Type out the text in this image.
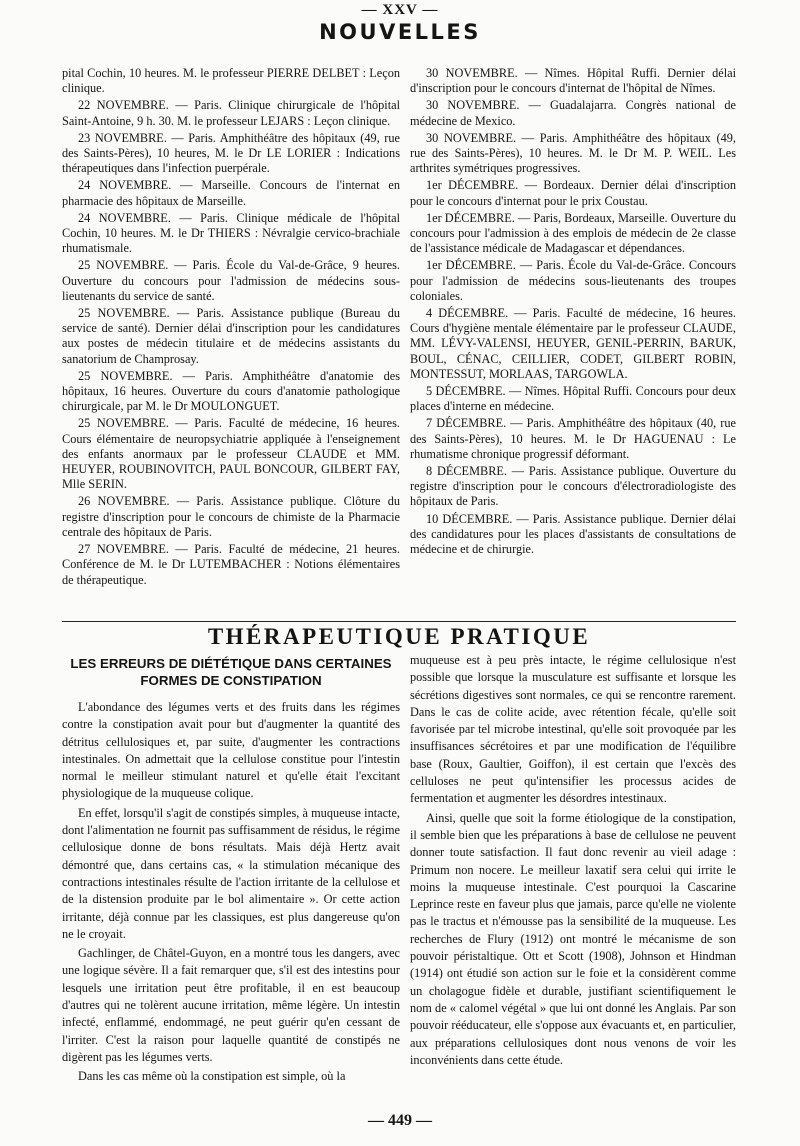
— XXV —
NOUVELLES

pital Cochin, 10 heures. M. le professeur PIERRE DELBET : Leçon clinique.

22 NOVEMBRE. — Paris. Clinique chirurgicale de l'hôpital Saint-Antoine, 9 h. 30. M. le professeur LEJARS : Leçon clinique.

23 NOVEMBRE. — Paris. Amphithéâtre des hôpitaux (49, rue des Saints-Pères), 10 heures, M. le Dr LE LORIER : Indications thérapeutiques dans l'infection puerpérale.

24 NOVEMBRE. — Marseille. Concours de l'internat en pharmacie des hôpitaux de Marseille.

24 NOVEMBRE. — Paris. Clinique médicale de l'hôpital Cochin, 10 heures. M. le Dr THIERS : Névralgie cervico-brachiale rhumatismale.

25 NOVEMBRE. — Paris. École du Val-de-Grâce, 9 heures. Ouverture du concours pour l'admission de médecins sous-lieutenants du service de santé.

25 NOVEMBRE. — Paris. Assistance publique (Bureau du service de santé). Dernier délai d'inscription pour les candidatures aux postes de médecin titulaire et de médecins assistants du sanatorium de Champrosay.

25 NOVEMBRE. — Paris. Amphithéâtre d'anatomie des hôpitaux, 16 heures. Ouverture du cours d'anatomie pathologique chirurgicale, par M. le Dr MOULONGUET.

25 NOVEMBRE. — Paris. Faculté de médecine, 16 heures. Cours élémentaire de neuropsychiatrie appliquée à l'enseignement des enfants anormaux par le professeur CLAUDE et MM. HEUYER, ROUBINOVITCH, PAUL BONCOUR, GILBERT FAY, Mlle SERIN.

26 NOVEMBRE. — Paris. Assistance publique. Clôture du registre d'inscription pour le concours de chimiste de la Pharmacie centrale des hôpitaux de Paris.

27 NOVEMBRE. — Paris. Faculté de médecine, 21 heures. Conférence de M. le Dr LUTEMBACHER : Notions élémentaires de thérapeutique.

30 NOVEMBRE. — Nîmes. Hôpital Ruffi. Dernier délai d'inscription pour le concours d'internat de l'hôpital de Nîmes.

30 NOVEMBRE. — Guadalajarra. Congrès national de médecine de Mexico.

30 NOVEMBRE. — Paris. Amphithéâtre des hôpitaux (49, rue des Saints-Pères), 10 heures. M. le Dr M. P. WEIL. Les arthrites symétriques progressives.

1er DÉCEMBRE. — Bordeaux. Dernier délai d'inscription pour le concours d'internat pour le prix Coustau.

1er DÉCEMBRE. — Paris, Bordeaux, Marseille. Ouverture du concours pour l'admission à des emplois de médecin de 2e classe de l'assistance médicale de Madagascar et dépendances.

1er DÉCEMBRE. — Paris. École du Val-de-Grâce. Concours pour l'admission de médecins sous-lieutenants des troupes coloniales.

4 DÉCEMBRE. — Paris. Faculté de médecine, 16 heures. Cours d'hygiène mentale élémentaire par le professeur CLAUDE, MM. LÉVY-VALENSI, HEUYER, GENIL-PERRIN, BARUK, BOUL, CÉNAC, CEILLIER, CODET, GILBERT ROBIN, MONTESSUT, MORLAAS, TARGOWLA.

5 DÉCEMBRE. — Nîmes. Hôpital Ruffi. Concours pour deux places d'interne en médecine.

7 DÉCEMBRE. — Paris. Amphithéâtre des hôpitaux (40, rue des Saints-Pères), 10 heures. M. le Dr HAGUENAU : Le rhumatisme chronique progressif déformant.

8 DÉCEMBRE. — Paris. Assistance publique. Ouverture du registre d'inscription pour le concours d'électroradiologiste des hôpitaux de Paris.

10 DÉCEMBRE. — Paris. Assistance publique. Dernier délai des candidatures pour les places d'assistants de consultations de médecine et de chirurgie.

THÉRAPEUTIQUE PRATIQUE
LES ERREURS DE DIÉTÉTIQUE DANS CERTAINES
FORMES DE CONSTIPATION

L'abondance des légumes verts et des fruits dans les régimes contre la constipation avait pour but d'augmenter la quantité des détritus cellulosiques et, par suite, d'augmenter les contractions intestinales. On admettait que la cellulose constitue pour l'intestin normal le meilleur stimulant naturel et qu'elle était l'excitant physiologique de la muqueuse colique.

En effet, lorsqu'il s'agit de constipés simples, à muqueuse intacte, dont l'alimentation ne fournit pas suffisamment de résidus, le régime cellulosique donne de bons résultats. Mais déjà Hertz avait démontré que, dans certains cas, « la stimulation mécanique des contractions intestinales résulte de l'action irritante de la cellulose et de la distension produite par le bol alimentaire ». Or cette action irritante, déjà connue par les classiques, est plus dangereuse qu'on ne le croyait.

Gachlinger, de Châtel-Guyon, en a montré tous les dangers, avec une logique sévère. Il a fait remarquer que, s'il est des intestins pour lesquels une irritation peut être profitable, il en est beaucoup d'autres qui ne tolèrent aucune irritation, même légère. Un intestin infecté, enflammé, endommagé, ne peut guérir qu'en cessant de l'irriter. C'est la raison pour laquelle quantité de constipés ne digèrent pas les légumes verts.

Dans les cas même où la constipation est simple, où la

muqueuse est à peu près intacte, le régime cellulosique n'est possible que lorsque la musculature est suffisante et lorsque les sécrétions digestives sont normales, ce qui se rencontre rarement. Dans le cas de colite acide, avec rétention fécale, qu'elle soit favorisée par tel microbe intestinal, qu'elle soit provoquée par les insuffisances sécrétoires et par une modification de l'équilibre base (Roux, Gaultier, Goiffon), il est certain que l'excès des celluloses ne peut qu'intensifier les processus acides de fermentation et augmenter les désordres intestinaux.

Ainsi, quelle que soit la forme étiologique de la constipation, il semble bien que les préparations à base de cellulose ne peuvent donner toute satisfaction. Il faut donc revenir au vieil adage : Primum non nocere. Le meilleur laxatif sera celui qui irrite le moins la muqueuse intestinale. C'est pourquoi la Cascarine Leprince reste en faveur plus que jamais, parce qu'elle ne violente pas le tractus et n'émousse pas la sensibilité de la muqueuse. Les recherches de Flury (1912) ont montré le mécanisme de son pouvoir péristaltique. Ott et Scott (1908), Johnson et Hindman (1914) ont étudié son action sur le foie et la considèrent comme un cholagogue fidèle et durable, justifiant scientifiquement le nom de « calomel végétal » que lui ont donné les Anglais. Par son pouvoir rééducateur, elle s'oppose aux évacuants et, en particulier, aux préparations cellulosiques dont nous venons de voir les inconvénients dans cette étude.

— 449 —
